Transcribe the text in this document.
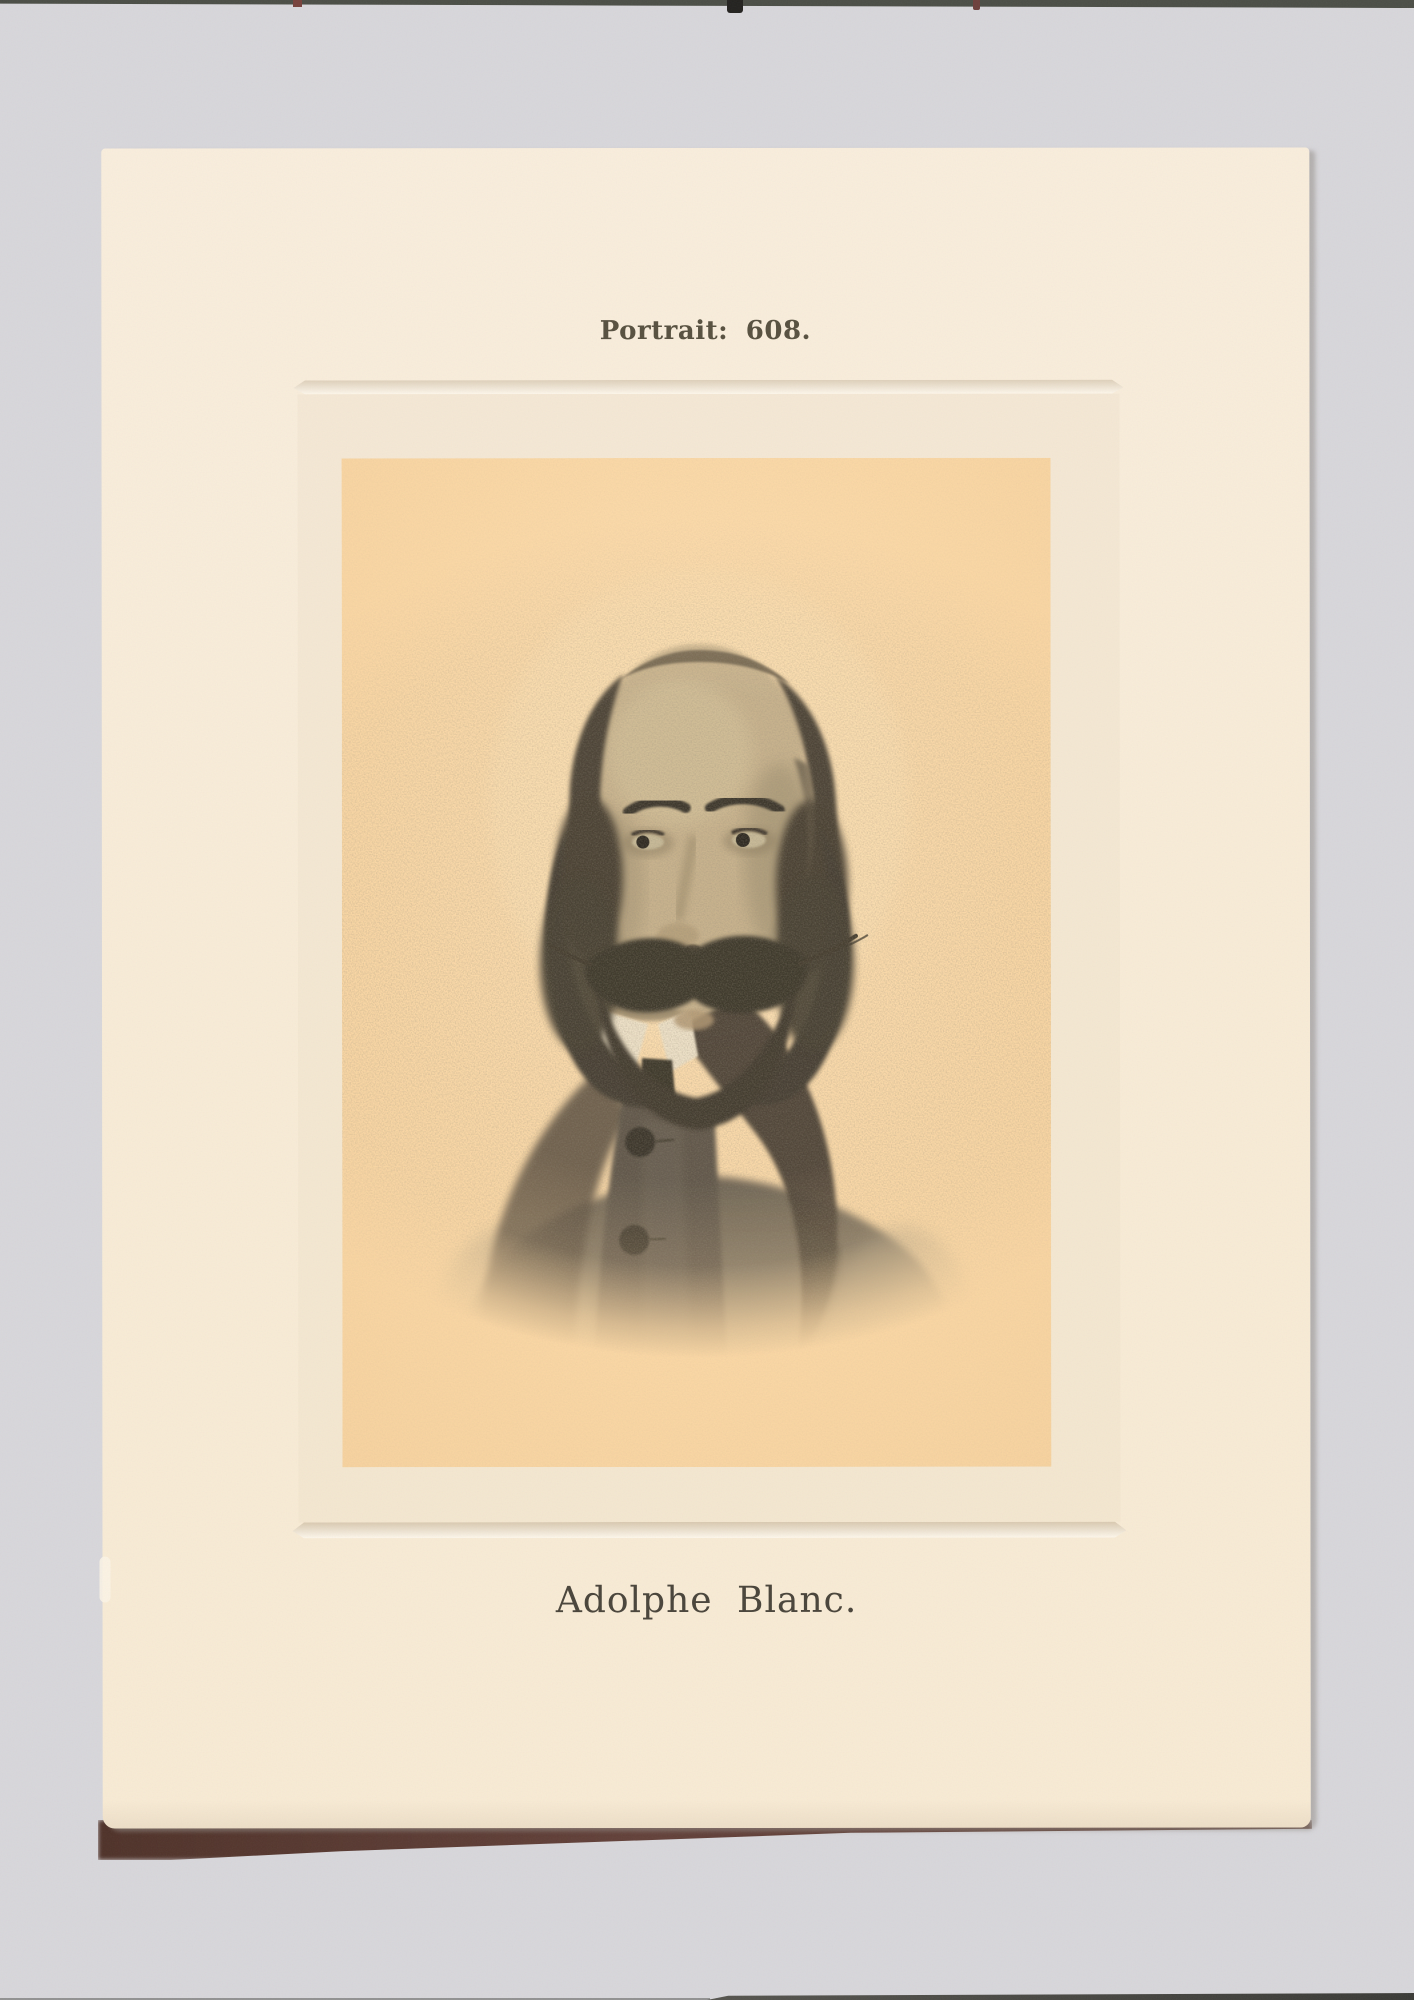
Portrait: 608.
Adolphe Blanc.
